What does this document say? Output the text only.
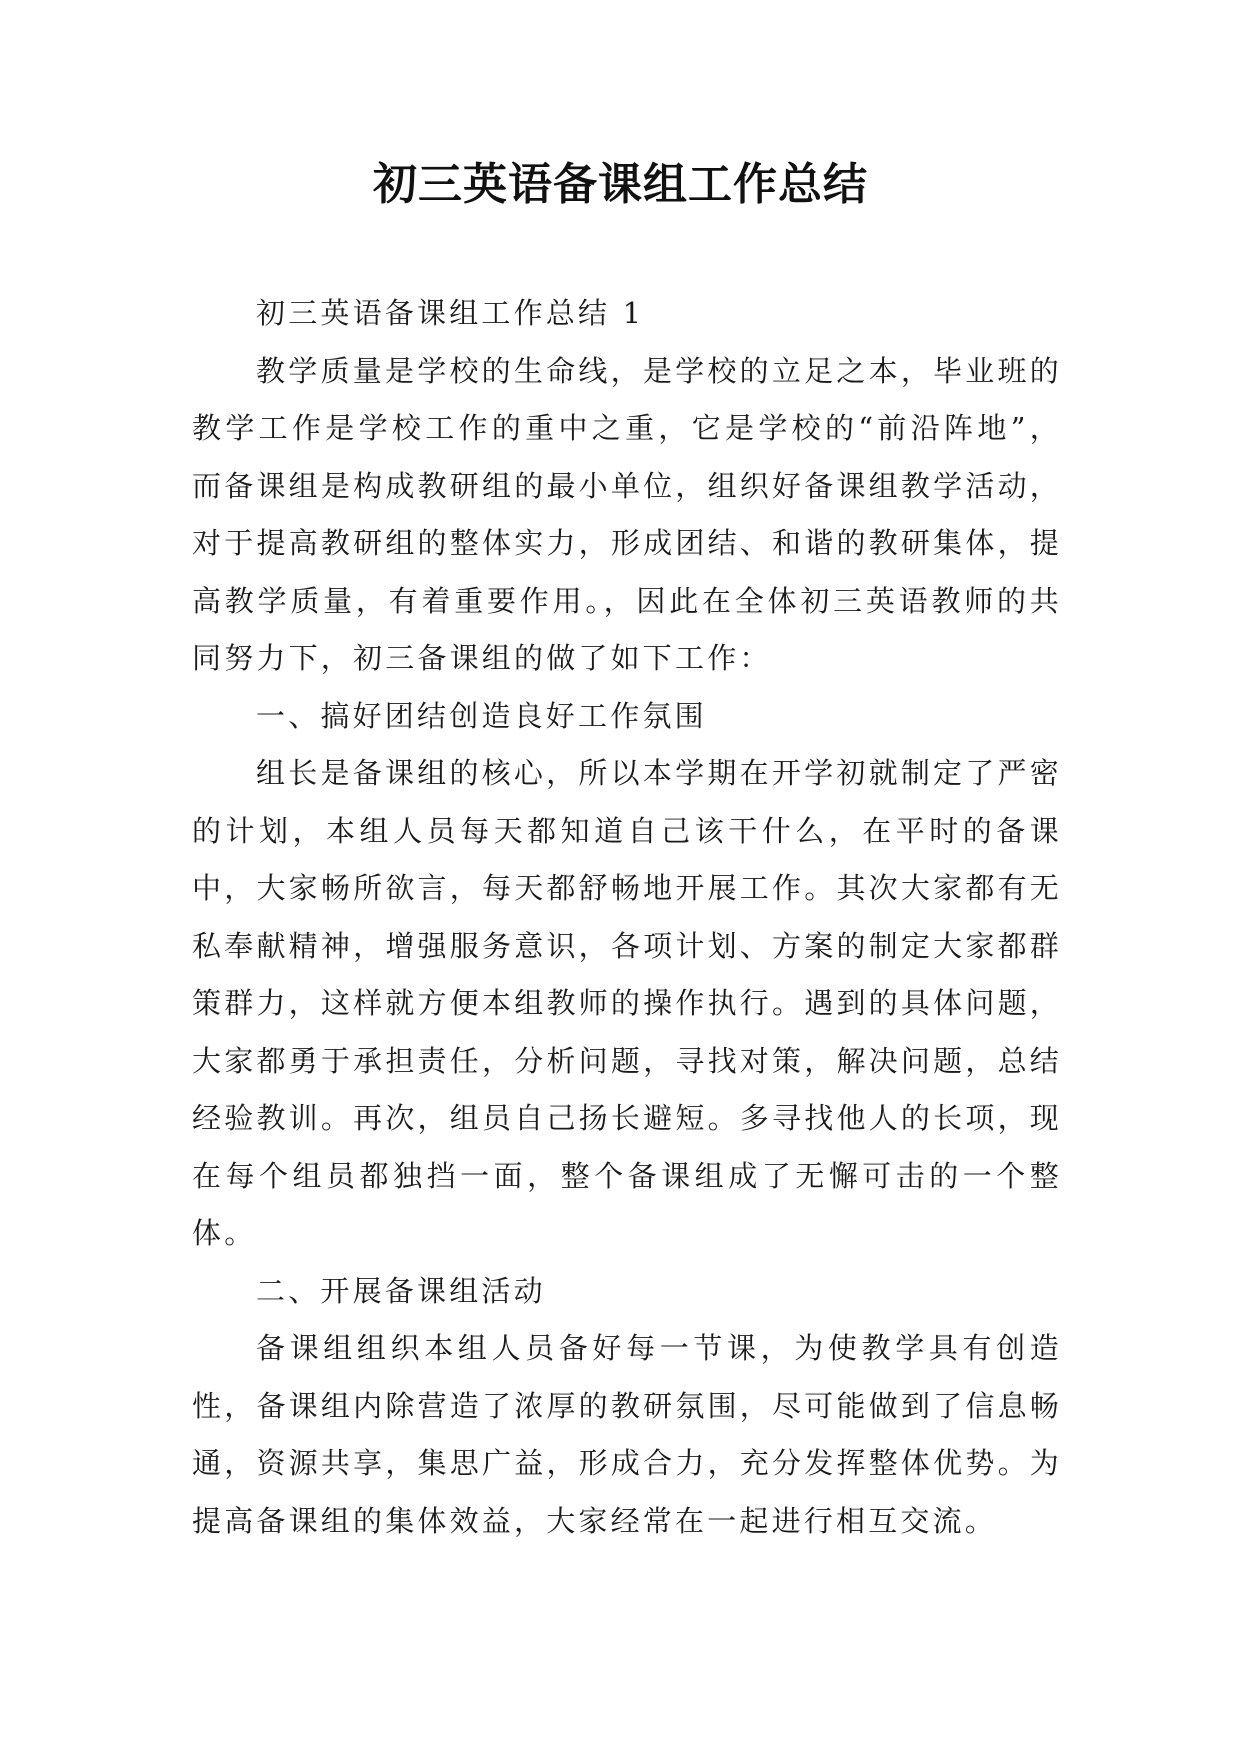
初三英语备课组工作总结

初三英语备课组工作总结 1

教学质量是学校的生命线，是学校的立足之本，毕业班的教学工作是学校工作的重中之重，它是学校的“前沿阵地”，而备课组是构成教研组的最小单位，组织好备课组教学活动，对于提高教研组的整体实力，形成团结、和谐的教研集体，提高教学质量，有着重要作用。，因此在全体初三英语教师的共同努力下，初三备课组的做了如下工作：

一、搞好团结创造良好工作氛围

组长是备课组的核心，所以本学期在开学初就制定了严密的计划，本组人员每天都知道自己该干什么，在平时的备课中，大家畅所欲言，每天都舒畅地开展工作。其次大家都有无私奉献精神，增强服务意识，各项计划、方案的制定大家都群策群力，这样就方便本组教师的操作执行。遇到的具体问题，大家都勇于承担责任，分析问题，寻找对策，解决问题，总结经验教训。再次，组员自己扬长避短。多寻找他人的长项，现在每个组员都独挡一面，整个备课组成了无懈可击的一个整体。

二、开展备课组活动

备课组组织本组人员备好每一节课，为使教学具有创造性，备课组内除营造了浓厚的教研氛围，尽可能做到了信息畅通，资源共享，集思广益，形成合力，充分发挥整体优势。为提高备课组的集体效益，大家经常在一起进行相互交流。
